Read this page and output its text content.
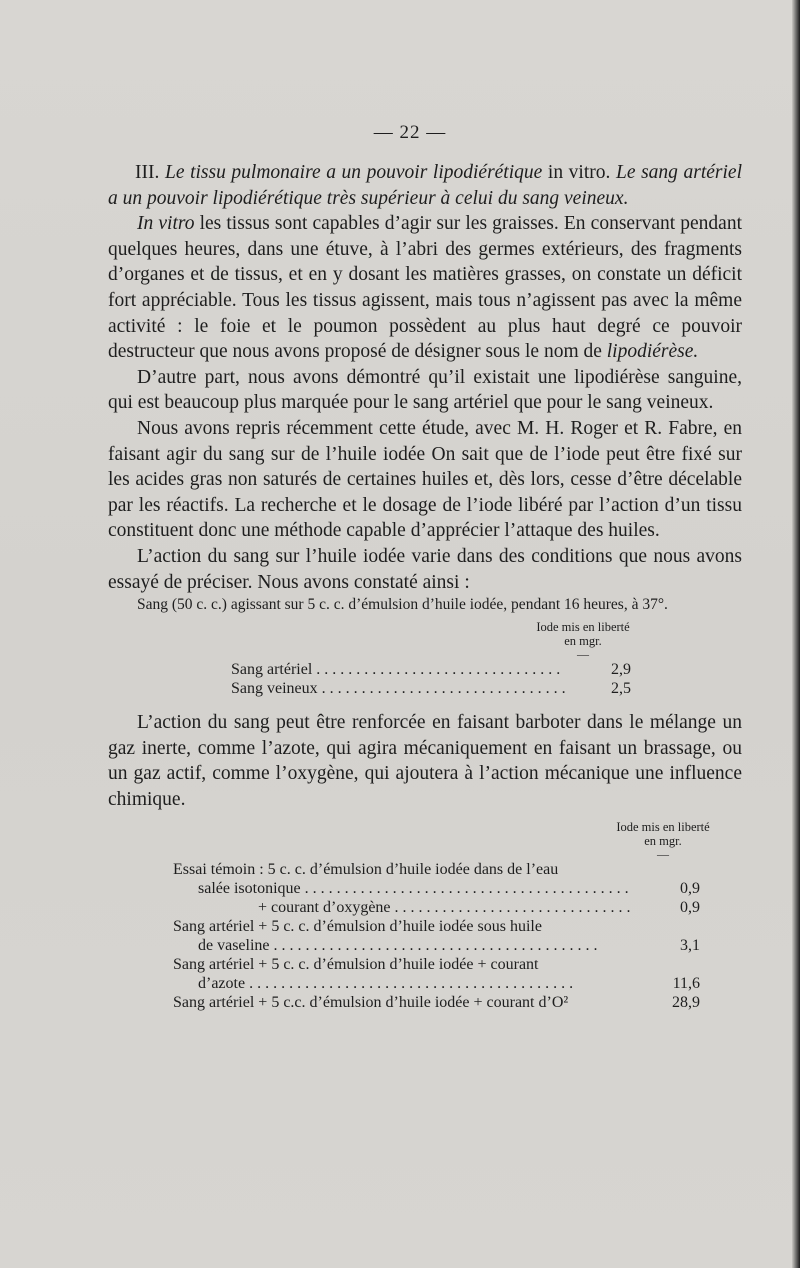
— 22 —

III. Le tissu pulmonaire a un pouvoir lipodiérétique in vitro. Le sang artériel a un pouvoir lipodiérétique très supérieur à celui du sang veineux.

In vitro les tissus sont capables d’agir sur les graisses. En conservant pendant quelques heures, dans une étuve, à l’abri des germes extérieurs, des fragments d’organes et de tissus, et en y dosant les matières grasses, on constate un déficit fort appréciable. Tous les tissus agissent, mais tous n’agissent pas avec la même activité : le foie et le poumon possèdent au plus haut degré ce pouvoir destructeur que nous avons proposé de désigner sous le nom de lipodiérèse.

D’autre part, nous avons démontré qu’il existait une lipodiérèse sanguine, qui est beaucoup plus marquée pour le sang artériel que pour le sang veineux.

Nous avons repris récemment cette étude, avec M. H. Roger et R. Fabre, en faisant agir du sang sur de l’huile iodée On sait que de l’iode peut être fixé sur les acides gras non saturés de certaines huiles et, dès lors, cesse d’être décelable par les réactifs. La recherche et le dosage de l’iode libéré par l’action d’un tissu constituent donc une méthode capable d’apprécier l’attaque des huiles.

L’action du sang sur l’huile iodée varie dans des conditions que nous avons essayé de préciser. Nous avons constaté ainsi :

Sang (50 c. c.) agissant sur 5 c. c. d’émulsion d’huile iodée, pendant 16 heures, à 37°.

Iode mis en liberté
en mgr.
—
Sang artériel . . .	2,9
Sang veineux . . .	2,5

L’action du sang peut être renforcée en faisant barboter dans le mélange un gaz inerte, comme l’azote, qui agira mécaniquement en faisant un brassage, ou un gaz actif, comme l’oxygène, qui ajoutera à l’action mécanique une influence chimique.

Iode mis en liberté
en mgr.
—
Essai témoin : 5 c. c. d’émulsion d’huile iodée dans de l’eau
salée isotonique . . .	0,9
+ courant d’oxygène . . .	0,9
Sang artériel + 5 c. c. d’émulsion d’huile iodée sous huile
de vaseline . . .	3,1
Sang artériel + 5 c. c. d’émulsion d’huile iodée + courant
d’azote . . .	11,6
Sang artériel + 5 c.c. d’émulsion d’huile iodée + courant d’O²	28,9
